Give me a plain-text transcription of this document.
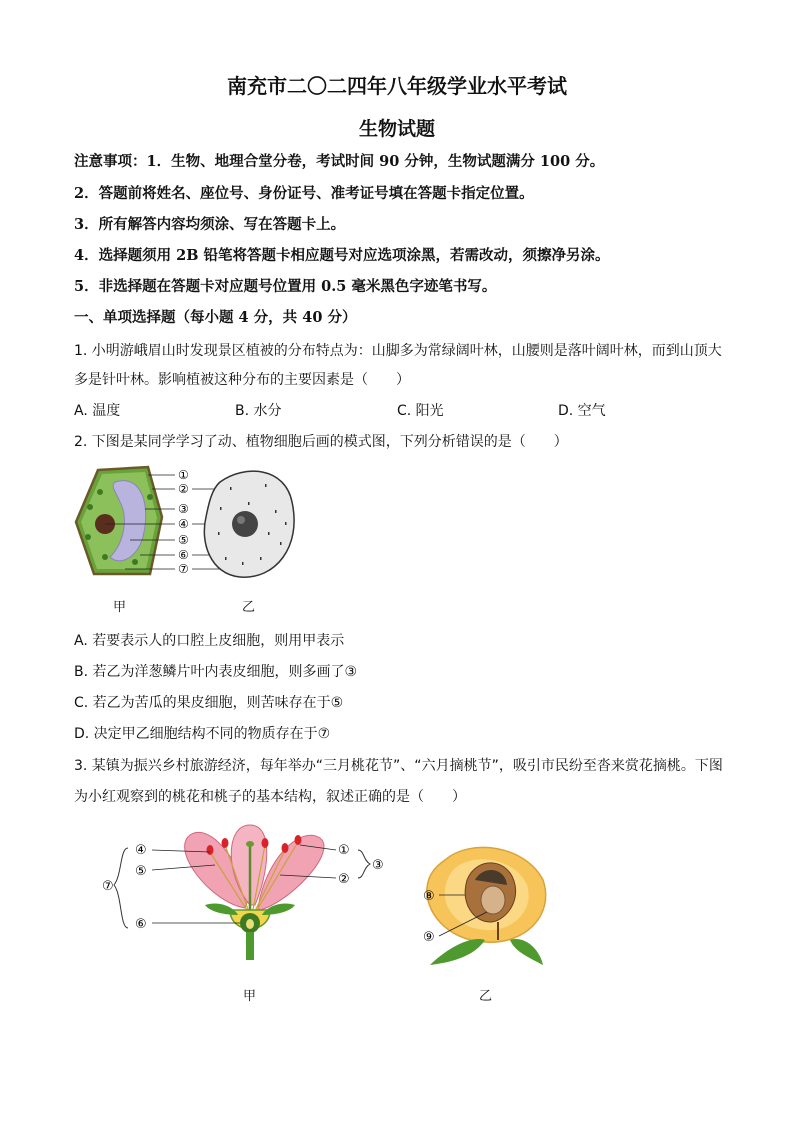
南充市二〇二四年八年级学业水平考试
生物试题
注意事项：1．生物、地理合堂分卷，考试时间 90 分钟，生物试题满分 100 分。
2．答题前将姓名、座位号、身份证号、准考证号填在答题卡指定位置。
3．所有解答内容均须涂、写在答题卡上。
4．选择题须用 2B 铅笔将答题卡相应题号对应选项涂黑，若需改动，须擦净另涂。
5．非选择题在答题卡对应题号位置用 0.5 毫米黑色字迹笔书写。
一、单项选择题（每小题 4 分，共 40 分）
1. 小明游峨眉山时发现景区植被的分布特点为：山脚多为常绿阔叶林，山腰则是落叶阔叶林，而到山顶大
多是针叶林。影响植被这种分布的主要因素是（　　）
A. 温度	B. 水分	C. 阳光	D. 空气
2. 下图是某同学学习了动、植物细胞后画的模式图，下列分析错误的是（　　）
①
②
③
④
⑤
⑥
⑦
甲	乙
A. 若要表示人的口腔上皮细胞，则用甲表示
B. 若乙为洋葱鳞片叶内表皮细胞，则多画了③
C. 若乙为苦瓜的果皮细胞，则苦味存在于⑤
D. 决定甲乙细胞结构不同的物质存在于⑦
3. 某镇为振兴乡村旅游经济，每年举办“三月桃花节”、“六月摘桃节”，吸引市民纷至沓来赏花摘桃。下图
为小红观察到的桃花和桃子的基本结构，叙述正确的是（　　）
④
⑤
⑦
⑥
①
②
③
⑧
⑨
甲	乙
